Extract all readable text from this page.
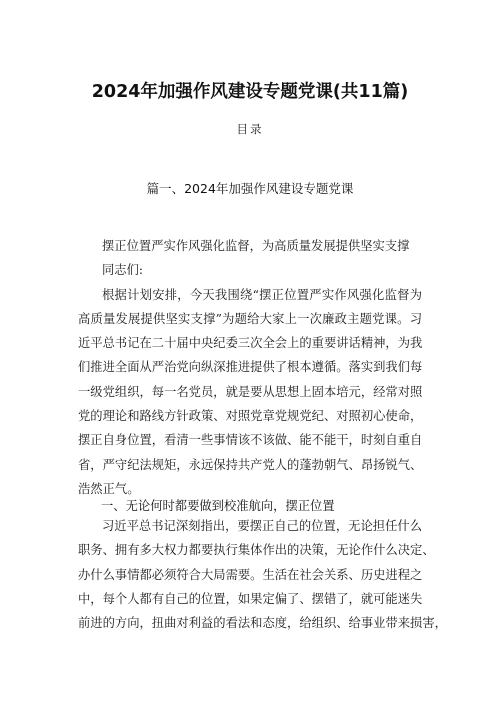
2024年加强作风建设专题党课(共11篇)
目录
篇一、2024年加强作风建设专题党课
摆正位置严实作风强化监督，为高质量发展提供坚实支撑
同志们:
根据计划安排，今天我围绕“摆正位置严实作风强化监督为
高质量发展提供坚实支撑”为题给大家上一次廉政主题党课。习
近平总书记在二十届中央纪委三次全会上的重要讲话精神，为我
们推进全面从严治党向纵深推进提供了根本遵循。落实到我们每
一级党组织，每一名党员，就是要从思想上固本培元，经常对照
党的理论和路线方针政策、对照党章党规党纪、对照初心使命，
摆正自身位置，看清一些事情该不该做、能不能干，时刻自重自
省，严守纪法规矩，永远保持共产党人的蓬勃朝气、昂扬锐气、
浩然正气。
一、无论何时都要做到校准航向，摆正位置
习近平总书记深刻指出，要摆正自己的位置，无论担任什么
职务、拥有多大权力都要执行集体作出的决策，无论作什么决定、
办什么事情都必须符合大局需要。生活在社会关系、历史进程之
中，每个人都有自己的位置，如果定偏了、摆错了，就可能迷失
前进的方向，扭曲对利益的看法和态度，给组织、给事业带来损害，
